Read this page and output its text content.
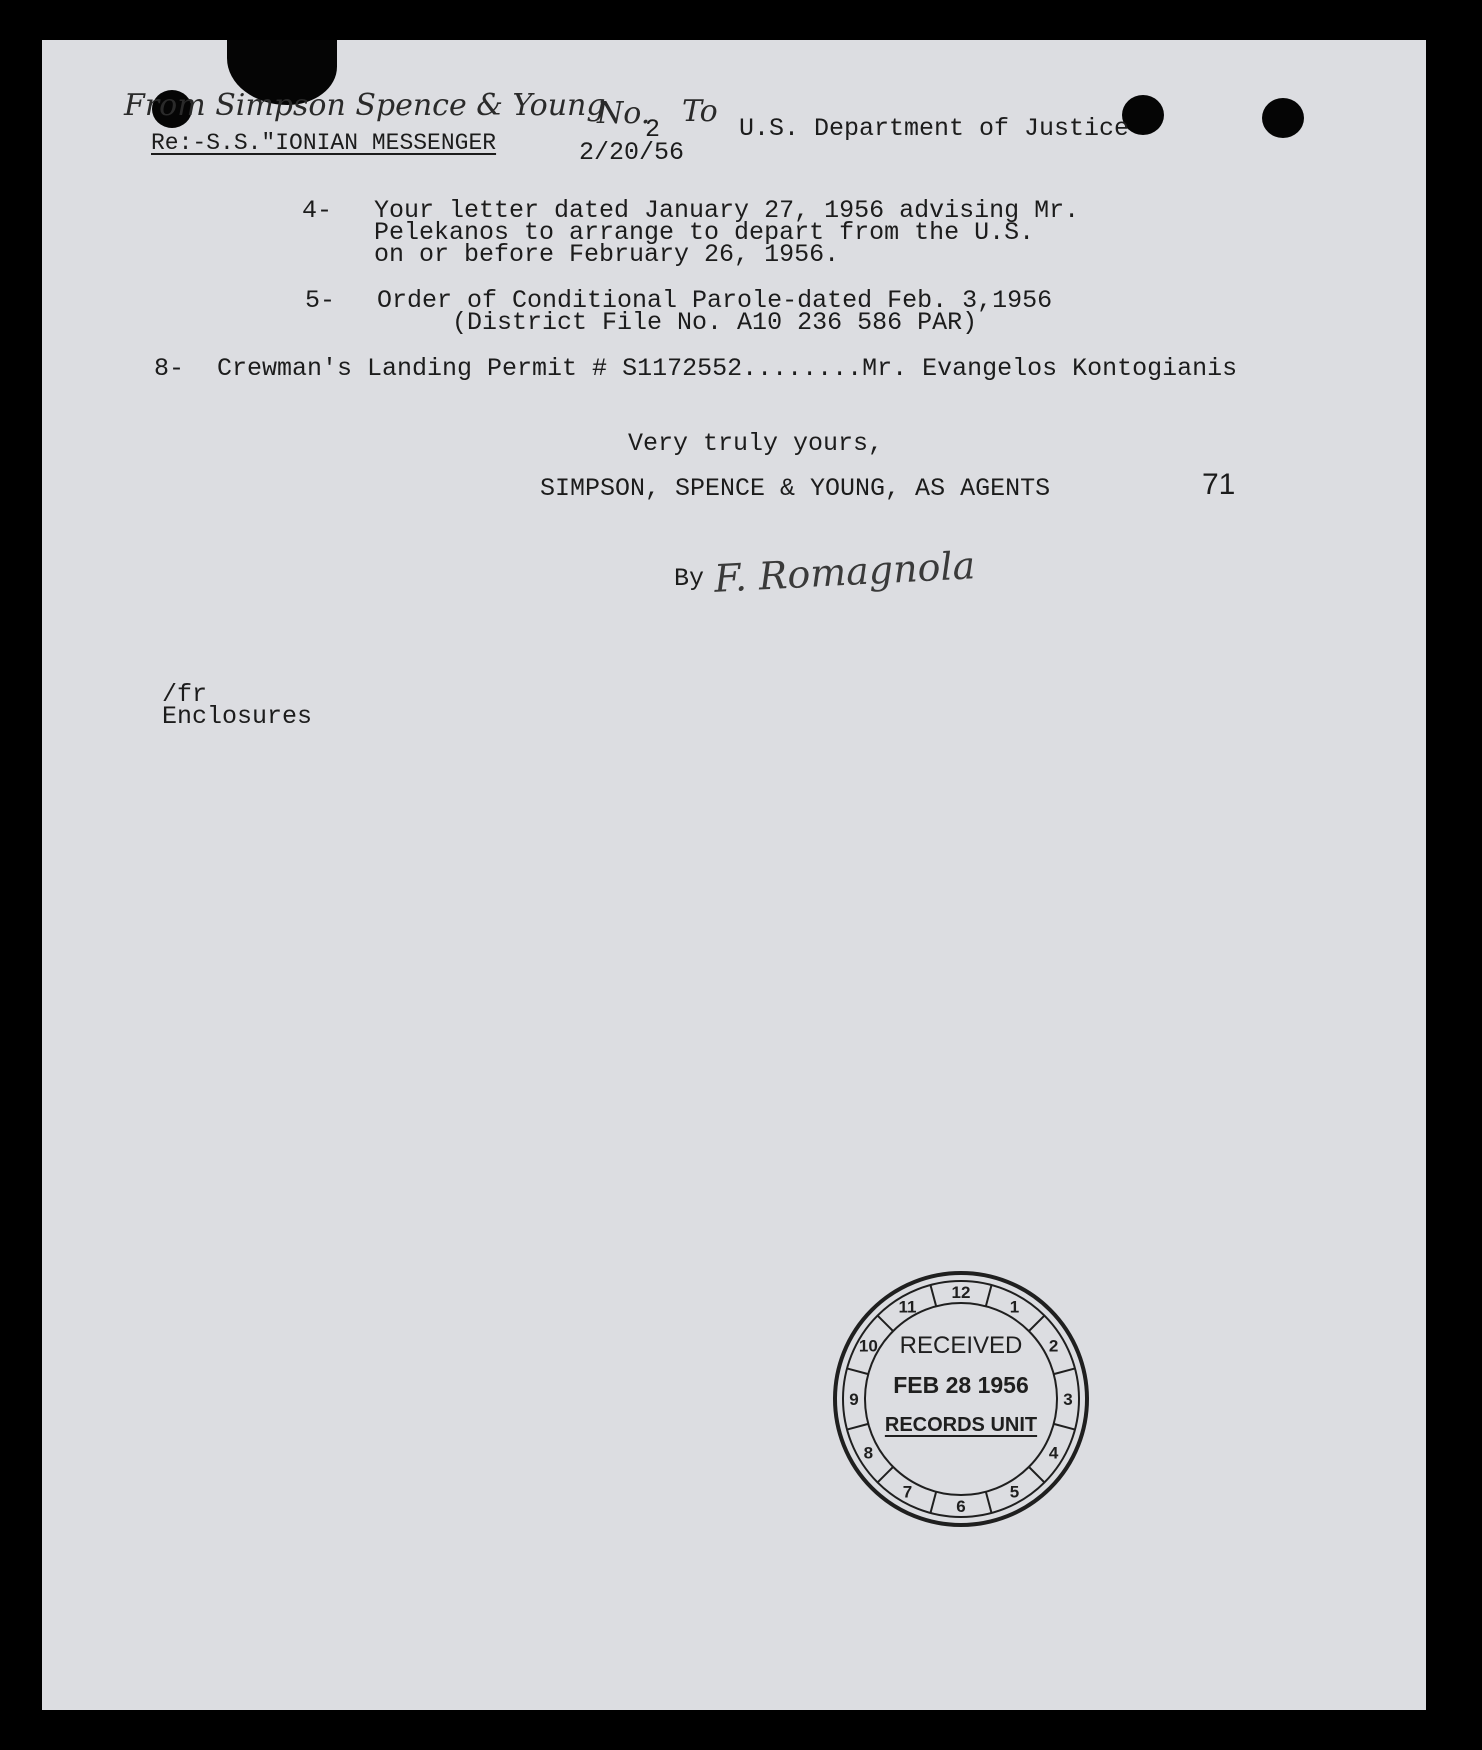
From Simpson Spence & Young
Re:-S.S."IONIAN MESSENGER
No.
2
To U.S. Department of Justice
2/20/56
4- Your letter dated January 27, 1956 advising Mr.
Pelekanos to arrange to depart from the U.S.
on or before February 26, 1956.
5- Order of Conditional Parole-dated Feb. 3,1956
(District File No. A10 236 586 PAR)
8- Crewman's Landing Permit # S1172552........Mr. Evangelos Kontogianis
Very truly yours,
SIMPSON, SPENCE & YOUNG, AS AGENTS	71
By F. Romagnola
/fr
Enclosures
1
2
3
4
5
6
7
8
9
10
11
12
RECEIVED
FEB 28 1956
RECORDS UNIT
